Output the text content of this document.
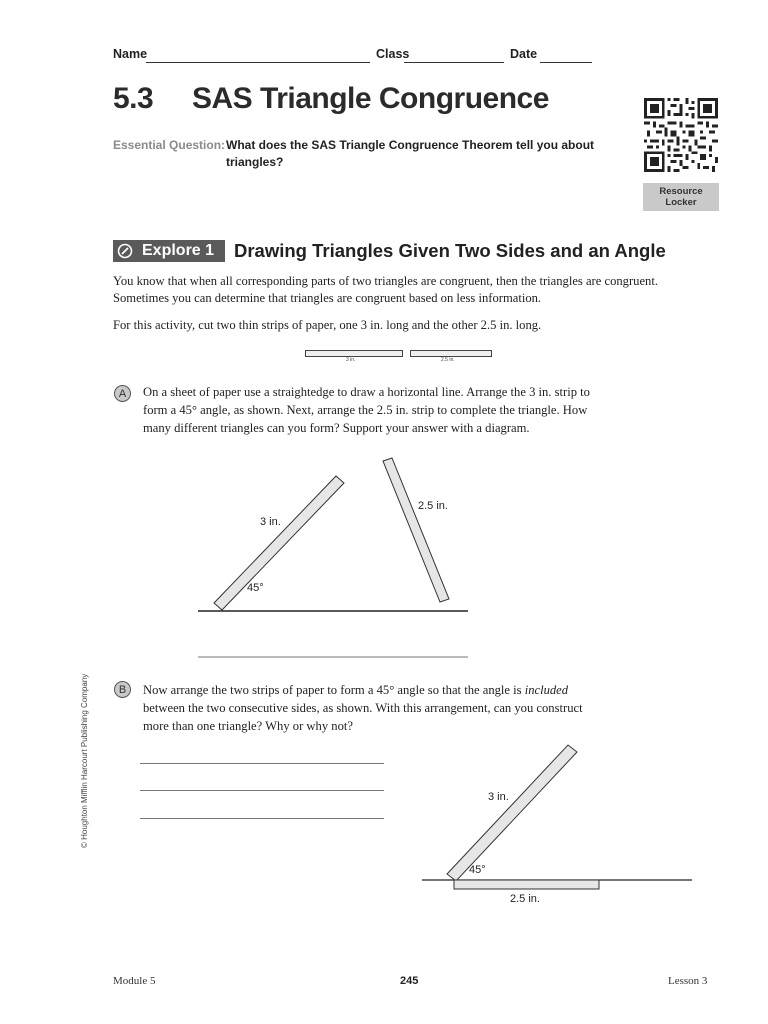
Name	Class	Date
5.3 SAS Triangle Congruence
Essential Question: What does the SAS Triangle Congruence Theorem tell you about
triangles?
Resource
Locker
Explore 1 Drawing Triangles Given Two Sides and an Angle
You know that when all corresponding parts of two triangles are congruent, then the triangles are congruent.
Sometimes you can determine that triangles are congruent based on less information.
For this activity, cut two thin strips of paper, one 3 in. long and the other 2.5 in. long.
3 in.	2.5 in.
A	On a sheet of paper use a straightedge to draw a horizontal line. Arrange the 3 in. strip to
form a 45° angle, as shown. Next, arrange the 2.5 in. strip to complete the triangle. How
many different triangles can you form? Support your answer with a diagram.
3 in.
2.5 in.
45°
B	Now arrange the two strips of paper to form a 45° angle so that the angle is included
between the two consecutive sides, as shown. With this arrangement, can you construct
more than one triangle? Why or why not?
3 in.
45°
2.5 in.
© Houghton Mifflin Harcourt Publishing Company
Module 5	245	Lesson 3
